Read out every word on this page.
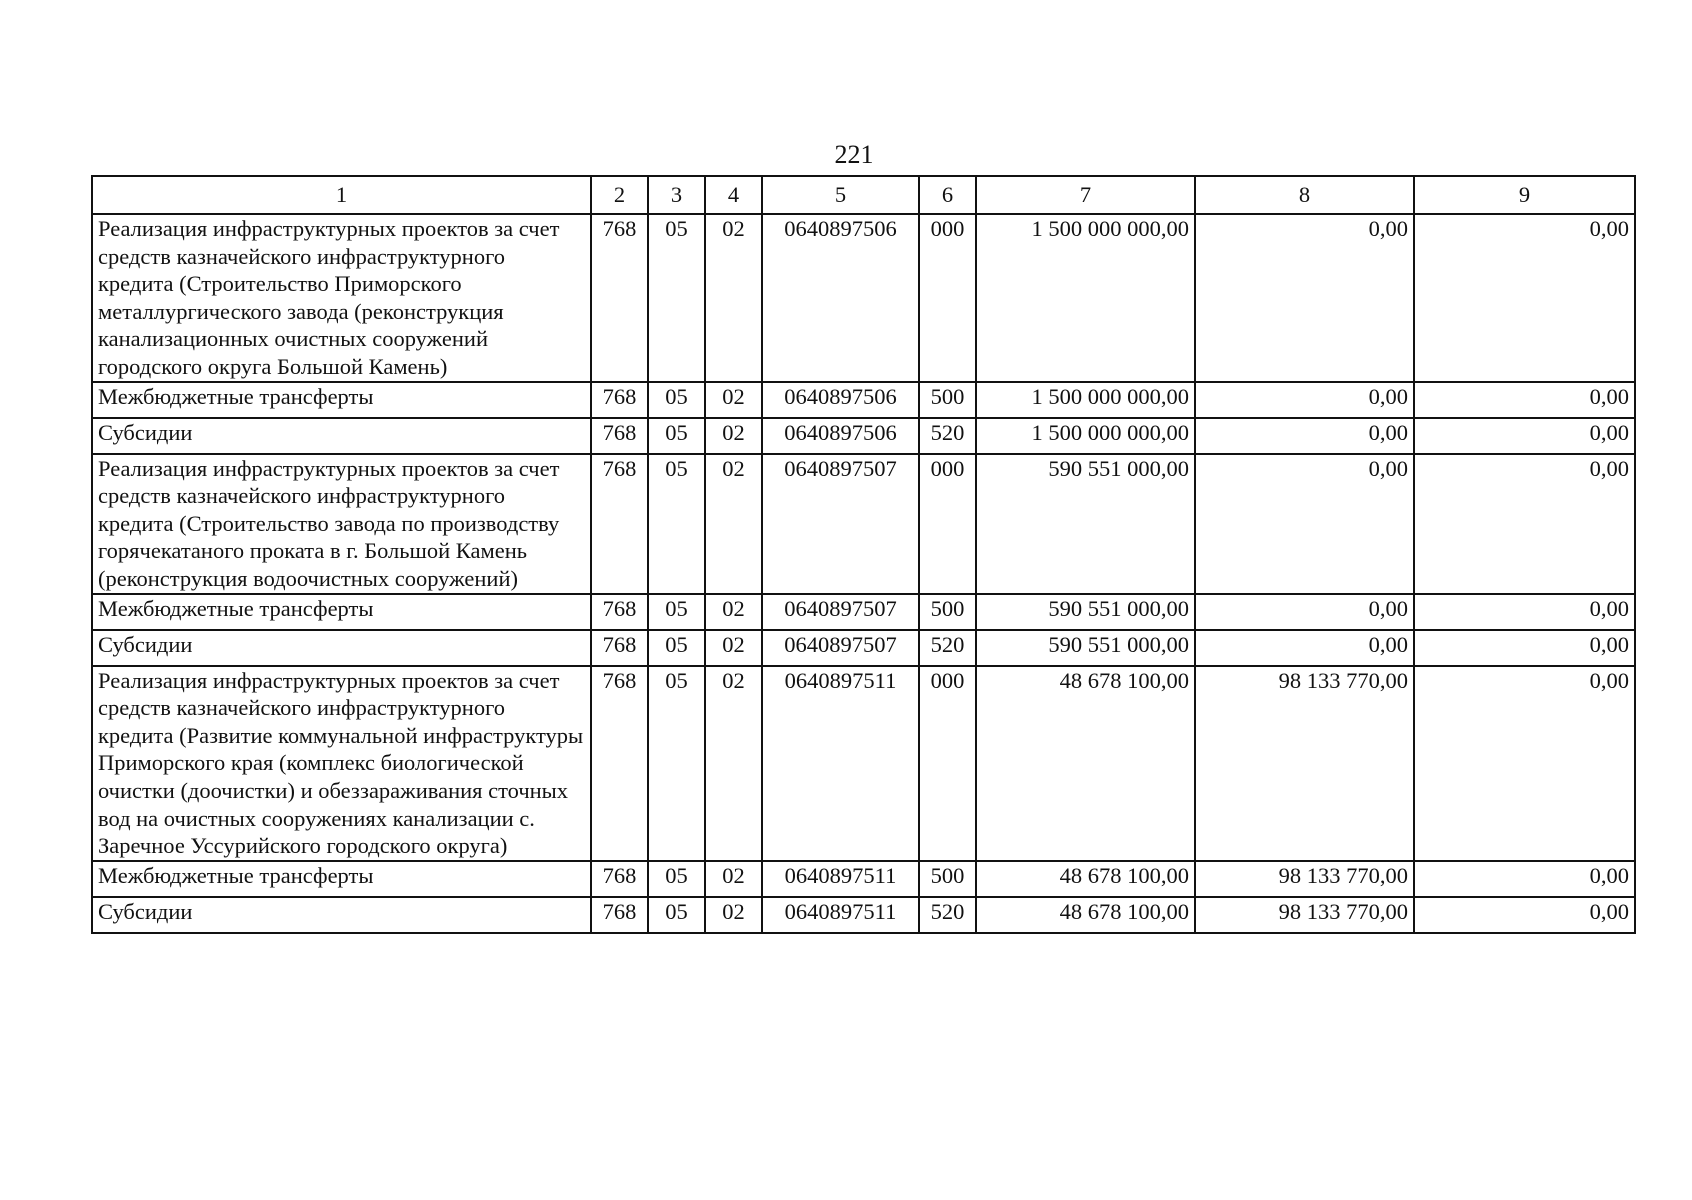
221
1	2	3	4	5	6	7	8	9
Реализация инфраструктурных проектов за счет средств казначейского инфраструктурного кредита (Строительство Приморского металлургического завода (реконструкция канализационных очистных сооружений городского округа Большой Камень)	768	05	02	0640897506	000	1 500 000 000,00	0,00	0,00
Межбюджетные трансферты	768	05	02	0640897506	500	1 500 000 000,00	0,00	0,00
Субсидии	768	05	02	0640897506	520	1 500 000 000,00	0,00	0,00
Реализация инфраструктурных проектов за счет средств казначейского инфраструктурного кредита (Строительство завода по производству горячекатаного проката в г. Большой Камень (реконструкция водоочистных сооружений)	768	05	02	0640897507	000	590 551 000,00	0,00	0,00
Межбюджетные трансферты	768	05	02	0640897507	500	590 551 000,00	0,00	0,00
Субсидии	768	05	02	0640897507	520	590 551 000,00	0,00	0,00
Реализация инфраструктурных проектов за счет средств казначейского инфраструктурного кредита (Развитие коммунальной инфраструктуры Приморского края (комплекс биологической очистки (доочистки) и обеззараживания сточных вод на очистных сооружениях канализации с. Заречное Уссурийского городского округа)	768	05	02	0640897511	000	48 678 100,00	98 133 770,00	0,00
Межбюджетные трансферты	768	05	02	0640897511	500	48 678 100,00	98 133 770,00	0,00
Субсидии	768	05	02	0640897511	520	48 678 100,00	98 133 770,00	0,00
